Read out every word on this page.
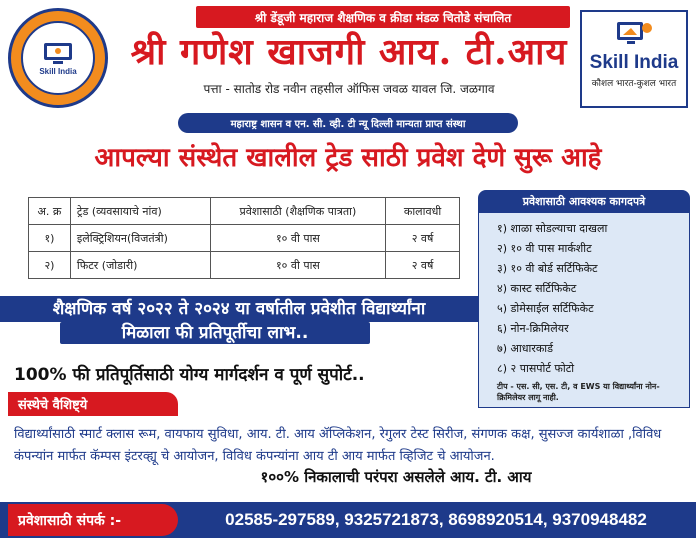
Skill India
श्री डेंडूजी महाराज शैक्षणिक व क्रीडा मंडळ चितोडे संचालित
श्री गणेश खाजगी आय. टी.आय
पत्ता - सातोड रोड नवीन तहसील ऑफिस जवळ यावल जि. जळगाव
Skill India
कौशल भारत-कुशल भारत
महाराष्ट्र शासन व एन. सी. व्ही. टी न्यू दिल्ली मान्यता प्राप्त संस्था
आपल्या संस्थेत खालील ट्रेड साठी प्रवेश देणे सुरू आहे
अ. क्र	ट्रेड (व्यवसायाचे नांव)	प्रवेशासाठी (शैक्षणिक पात्रता)	कालावधी
१)	इलेक्ट्रिशियन(विजतंत्री)	१० वी पास	२ वर्ष
२)	फिटर (जोडारी)	१० वी पास	२ वर्ष
प्रवेशासाठी आवश्यक कागदपत्रे
१) शाळा सोडल्याचा दाखला
२) १० वी पास मार्कशीट
३) १० वी बोर्ड सर्टिफिकेट
४) कास्ट सर्टिफिकेट
५) डोमेसाईल सर्टिफिकेट
६) नोन-क्रिमिलेयर
७) आधारकार्ड
८) २ पासपोर्ट फोटो
टीप - एस. सी, एस. टी, व EWS या विद्यार्थ्यांना नोन-क्रिमिलेयर लागू नाही.
शैक्षणिक वर्ष २०२२ ते २०२४ या वर्षातील प्रवेशीत विद्यार्थ्यांना
मिळाला फी प्रतिपूर्तीचा लाभ..
100% फी प्रतिपूर्तिसाठी योग्य मार्गदर्शन व पूर्ण सुपोर्ट..
संस्थेचे वैशिष्ट्ये
विद्यार्थ्यांसाठी स्मार्ट क्लास रूम, वायफाय सुविधा, आय. टी. आय ॲप्लिकेशन, रेगुलर टेस्ट सिरीज, संगणक कक्ष, सुसज्ज कार्यशाळा ,विविध कंपन्यांन मार्फत कॅम्पस इंटरव्ह्यू चे आयोजन, विविध कंपन्यांना आय टी आय मार्फत व्हिजिट चे आयोजन.
१००% निकालाची परंपरा असलेले आय. टी. आय
प्रवेशासाठी संपर्क :-	02585-297589, 9325721873, 8698920514, 9370948482
